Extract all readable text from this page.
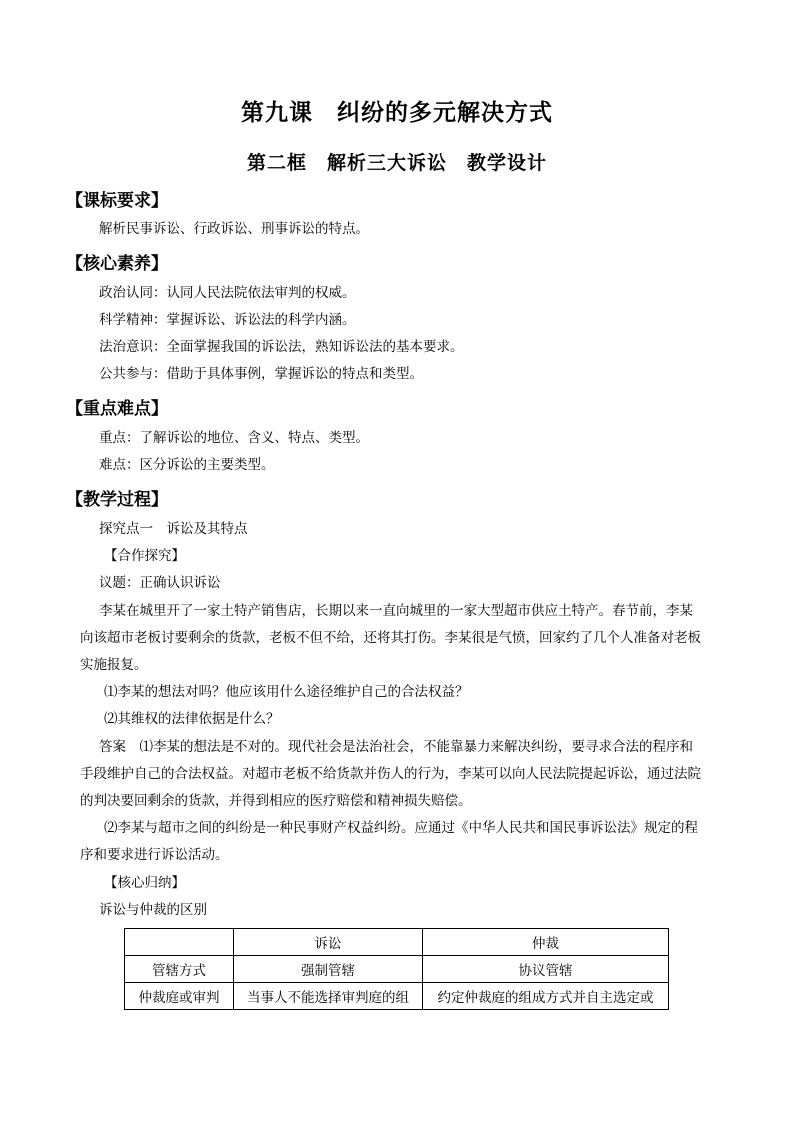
第九课　纠纷的多元解决方式
第二框　解析三大诉讼　教学设计
【课标要求】
解析民事诉讼、行政诉讼、刑事诉讼的特点。
【核心素养】
政治认同：认同人民法院依法审判的权威。
科学精神：掌握诉讼、诉讼法的科学内涵。
法治意识：全面掌握我国的诉讼法，熟知诉讼法的基本要求。
公共参与：借助于具体事例，掌握诉讼的特点和类型。
【重点难点】
重点：了解诉讼的地位、含义、特点、类型。
难点：区分诉讼的主要类型。
【教学过程】
探究点一　诉讼及其特点
【合作探究】
议题：正确认识诉讼
李某在城里开了一家土特产销售店，长期以来一直向城里的一家大型超市供应土特产。春节前，李某
向该超市老板讨要剩余的货款，老板不但不给，还将其打伤。李某很是气愤，回家约了几个人准备对老板
实施报复。
⑴李某的想法对吗？他应该用什么途径维护自己的合法权益？
⑵其维权的法律依据是什么？
答案　⑴李某的想法是不对的。现代社会是法治社会，不能靠暴力来解决纠纷，要寻求合法的程序和
手段维护自己的合法权益。对超市老板不给货款并伤人的行为，李某可以向人民法院提起诉讼，通过法院
的判决要回剩余的货款，并得到相应的医疗赔偿和精神损失赔偿。
⑵李某与超市之间的纠纷是一种民事财产权益纠纷。应通过《中华人民共和国民事诉讼法》规定的程
序和要求进行诉讼活动。
【核心归纳】
诉讼与仲裁的区别
	诉讼	仲裁
管辖方式	强制管辖	协议管辖
仲裁庭或审判	当事人不能选择审判庭的组	约定仲裁庭的组成方式并自主选定或
